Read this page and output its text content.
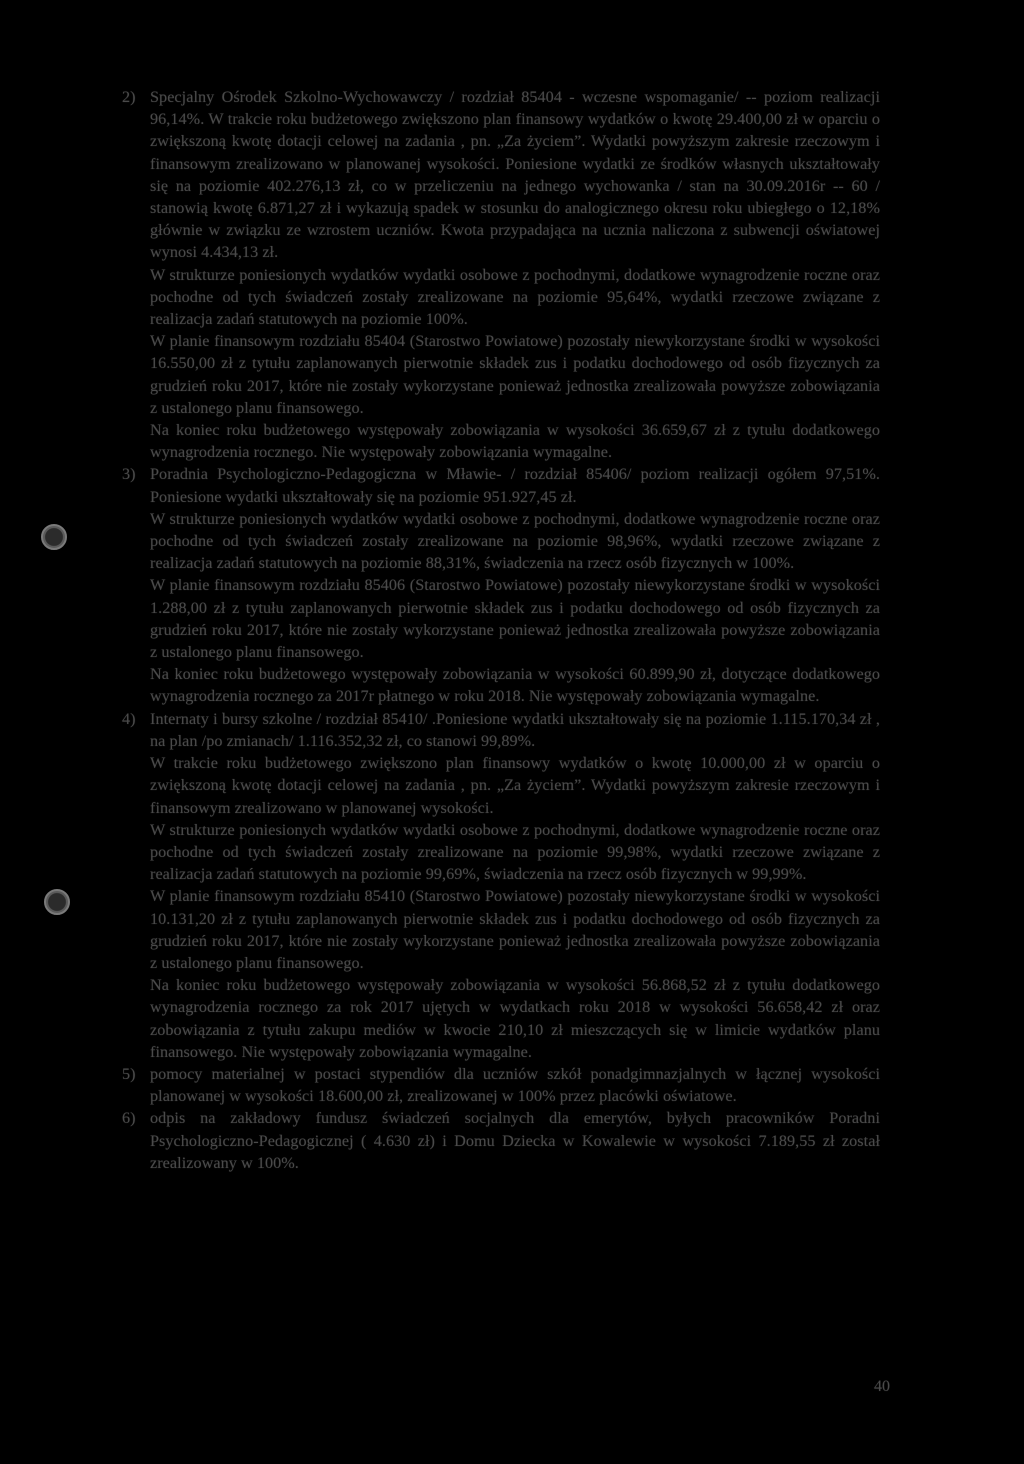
2) Specjalny Ośrodek Szkolno-Wychowawczy / rozdział 85404 - wczesne wspomaganie/ -- poziom realizacji 96,14%. W trakcie roku budżetowego zwiększono plan finansowy wydatków o kwotę 29.400,00 zł w oparciu o zwiększoną kwotę dotacji celowej na zadania , pn. „Za życiem”. Wydatki powyższym zakresie rzeczowym i finansowym zrealizowano w planowanej wysokości. Poniesione wydatki ze środków własnych ukształtowały się na poziomie 402.276,13 zł, co w przeliczeniu na jednego wychowanka / stan na 30.09.2016r -- 60 / stanowią kwotę 6.871,27 zł i wykazują spadek w stosunku do analogicznego okresu roku ubiegłego o 12,18% głównie w związku ze wzrostem uczniów. Kwota przypadająca na ucznia naliczona z subwencji oświatowej wynosi 4.434,13 zł.

W strukturze poniesionych wydatków wydatki osobowe z pochodnymi, dodatkowe wynagrodzenie roczne oraz pochodne od tych świadczeń zostały zrealizowane na poziomie 95,64%, wydatki rzeczowe związane z realizacja zadań statutowych na poziomie 100%.

W planie finansowym rozdziału 85404 (Starostwo Powiatowe) pozostały niewykorzystane środki w wysokości 16.550,00 zł z tytułu zaplanowanych pierwotnie składek zus i podatku dochodowego od osób fizycznych za grudzień roku 2017, które nie zostały wykorzystane ponieważ jednostka zrealizowała powyższe zobowiązania z ustalonego planu finansowego.

Na koniec roku budżetowego występowały zobowiązania w wysokości 36.659,67 zł z tytułu dodatkowego wynagrodzenia rocznego. Nie występowały zobowiązania wymagalne.

3) Poradnia Psychologiczno-Pedagogiczna w Mławie- / rozdział 85406/ poziom realizacji ogółem 97,51%. Poniesione wydatki ukształtowały się na poziomie 951.927,45 zł.

W strukturze poniesionych wydatków wydatki osobowe z pochodnymi, dodatkowe wynagrodzenie roczne oraz pochodne od tych świadczeń zostały zrealizowane na poziomie 98,96%, wydatki rzeczowe związane z realizacja zadań statutowych na poziomie 88,31%, świadczenia na rzecz osób fizycznych w 100%.

W planie finansowym rozdziału 85406 (Starostwo Powiatowe) pozostały niewykorzystane środki w wysokości 1.288,00 zł z tytułu zaplanowanych pierwotnie składek zus i podatku dochodowego od osób fizycznych za grudzień roku 2017, które nie zostały wykorzystane ponieważ jednostka zrealizowała powyższe zobowiązania z ustalonego planu finansowego.

Na koniec roku budżetowego występowały zobowiązania w wysokości 60.899,90 zł, dotyczące dodatkowego wynagrodzenia rocznego za 2017r płatnego w roku 2018. Nie występowały zobowiązania wymagalne.

4) Internaty i bursy szkolne / rozdział 85410/ .Poniesione wydatki ukształtowały się na poziomie 1.115.170,34 zł , na plan /po zmianach/ 1.116.352,32 zł, co stanowi 99,89%.

W trakcie roku budżetowego zwiększono plan finansowy wydatków o kwotę 10.000,00 zł w oparciu o zwiększoną kwotę dotacji celowej na zadania , pn. „Za życiem”. Wydatki powyższym zakresie rzeczowym i finansowym zrealizowano w planowanej wysokości.

W strukturze poniesionych wydatków wydatki osobowe z pochodnymi, dodatkowe wynagrodzenie roczne oraz pochodne od tych świadczeń zostały zrealizowane na poziomie 99,98%, wydatki rzeczowe związane z realizacja zadań statutowych na poziomie 99,69%, świadczenia na rzecz osób fizycznych w 99,99%.

W planie finansowym rozdziału 85410 (Starostwo Powiatowe) pozostały niewykorzystane środki w wysokości 10.131,20 zł z tytułu zaplanowanych pierwotnie składek zus i podatku dochodowego od osób fizycznych za grudzień roku 2017, które nie zostały wykorzystane ponieważ jednostka zrealizowała powyższe zobowiązania z ustalonego planu finansowego.

Na koniec roku budżetowego występowały zobowiązania w wysokości 56.868,52 zł z tytułu dodatkowego wynagrodzenia rocznego za rok 2017 ujętych w wydatkach roku 2018 w wysokości 56.658,42 zł oraz zobowiązania z tytułu zakupu mediów w kwocie 210,10 zł mieszczących się w limicie wydatków planu finansowego. Nie występowały zobowiązania wymagalne.

5) pomocy materialnej w postaci stypendiów dla uczniów szkół ponadgimnazjalnych w łącznej wysokości planowanej w wysokości 18.600,00 zł, zrealizowanej w 100% przez placówki oświatowe.

6) odpis na zakładowy fundusz świadczeń socjalnych dla emerytów, byłych pracowników Poradni Psychologiczno-Pedagogicznej ( 4.630 zł) i Domu Dziecka w Kowalewie w wysokości 7.189,55 zł został zrealizowany w 100%.

40
